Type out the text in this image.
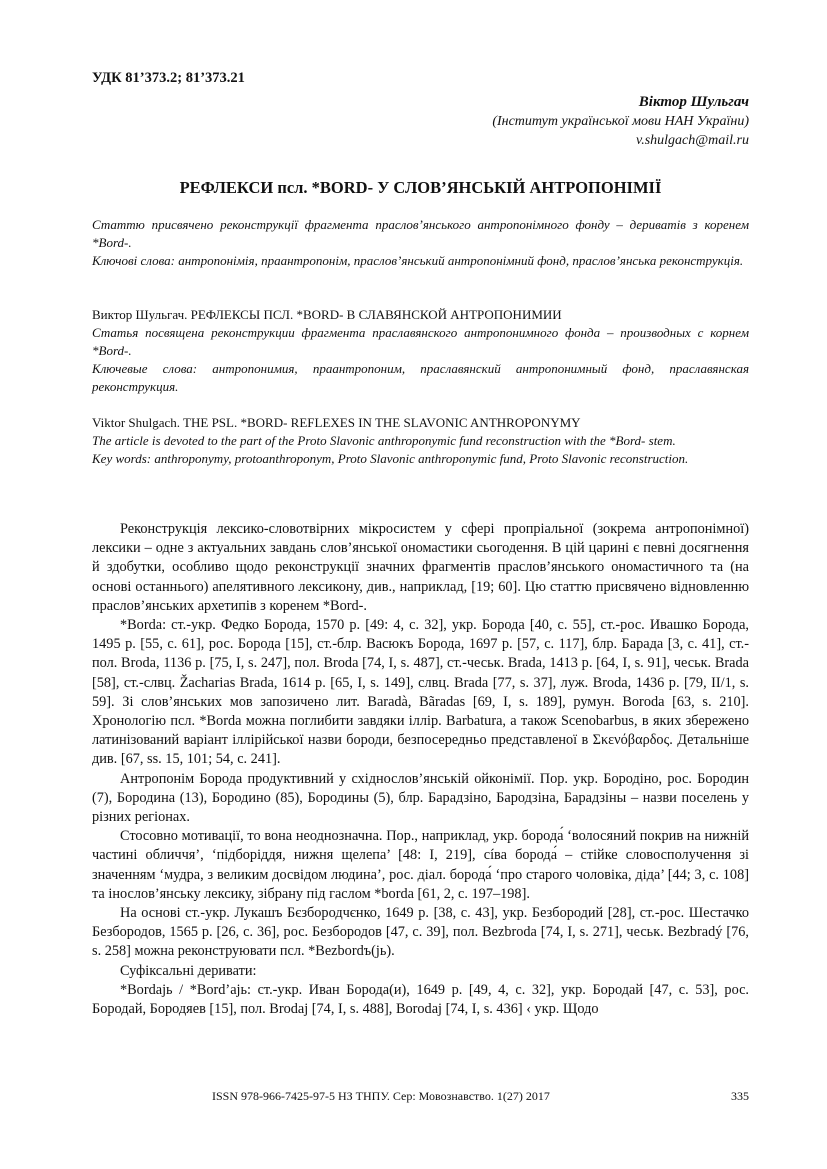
УДК 81’373.2; 81’373.21
Віктор Шульгач
(Інститут української мови НАН України)
v.shulgach@mail.ru
РЕФЛЕКСИ псл. *BORD- У СЛОВ’ЯНСЬКІЙ АНТРОПОНІМІЇ

Статтю присвячено реконструкції фрагмента праслов’янського антропонімного фонду – дериватів з коренем *Bord-.

Ключові слова: антропонімія, праантропонім, праслов’янський антропонімний фонд, праслов’янська реконструкція.

Виктор Шульгач. РЕФЛЕКСЫ ПСЛ. *BORD- В СЛАВЯНСКОЙ АНТРОПОНИМИИ

Статья посвящена реконструкции фрагмента праславянского антропонимного фонда – производных с корнем *Bord-.

Ключевые слова: антропонимия, праантропоним, праславянский антропонимный фонд, праславянская реконструкция.

Viktor Shulgach. THE PSL. *BORD- REFLEXES IN THE SLAVONIC ANTHROPONYMY

The article is devoted to the part of the Proto Slavonic anthroponymic fund reconstruction with the *Bord- stem.

Key words: anthroponymy, protoanthroponym, Proto Slavonic anthroponymic fund, Proto Slavonic reconstruction.

Реконструкція лексико-словотвірних мікросистем у сфері пропріальної (зокрема антропонімної) лексики – одне з актуальних завдань слов’янської ономастики сьогодення. В цій царині є певні досягнення й здобутки, особливо щодо реконструкції значних фрагментів праслов’янського ономастичного та (на основі останнього) апелятивного лексикону, див., наприклад, [19; 60]. Цю статтю присвячено відновленню праслов’янських архетипів з коренем *Bord-.

*Borda: ст.-укр. Федко Борода, 1570 р. [49: 4, с. 32], укр. Борода [40, с. 55], ст.-рос. Ивашко Борода, 1495 р. [55, с. 61], рос. Борода [15], ст.-блр. Васюкъ Борода, 1697 р. [57, с. 117], блр. Барада [3, с. 41], ст.-пол. Broda, 1136 р. [75, I, s. 247], пол. Broda [74, I, s. 487], ст.-чеськ. Brada, 1413 р. [64, I, s. 91], чеськ. Brada [58], ст.-слвц. Žacharias Brada, 1614 р. [65, I, s. 149], слвц. Brada [77, s. 37], луж. Broda, 1436 р. [79, II/1, s. 59]. Зі слов’янських мов запозичено лит. Baradà, Bãradas [69, I, s. 189], румун. Boroda [63, s. 210]. Хронологію псл. *Borda можна поглибити завдяки іллір. Barbatura, а також Scenobarbus, в яких збережено латинізований варіант іллірійської назви бороди, безпосередньо представленої в Σκενόβαρδος. Детальніше див. [67, ss. 15, 101; 54, с. 241].

Антропонім Борода продуктивний у східнослов’янській ойконімії. Пор. укр. Бородіно, рос. Бородин (7), Бородина (13), Бородино (85), Бородины (5), блр. Барадзіно, Бародзіна, Барадзіны – назви поселень у різних регіонах.

Стосовно мотивації, то вона неоднозначна. Пор., наприклад, укр. борода́ ‘волосяний покрив на нижній частині обличчя’, ‘підборіддя, нижня щелепа’ [48: I, 219], сíва борода́ – стійке словосполучення зі значенням ‘мудра, з великим досвідом людина’, рос. діал. борода́ ‘про старого чоловіка, діда’ [44; 3, с. 108] та інослов’янську лексику, зібрану під гаслом *borda [61, 2, с. 197–198].

На основі ст.-укр. Лукашъ Бєзбородчєнко, 1649 р. [38, с. 43], укр. Безбородий [28], ст.-рос. Шестачко Безбородов, 1565 р. [26, с. 36], рос. Безбородов [47, с. 39], пол. Bezbroda [74, I, s. 271], чеськ. Bezbradý [76, s. 258] можна реконструювати псл. *Bezbordъ(jь).

Суфіксальні деривати:

*Bordajь / *Bord’ajь: ст.-укр. Иван Борода(и), 1649 р. [49, 4, с. 32], укр. Бородай [47, с. 53], рос. Бородай, Бородяев [15], пол. Brodaj [74, I, s. 488], Borodaj [74, I, s. 436] ‹ укр. Щодо

ISSN 978-966-7425-97-5 НЗ ТНПУ. Сер: Мовознавство. 1(27) 2017	335
